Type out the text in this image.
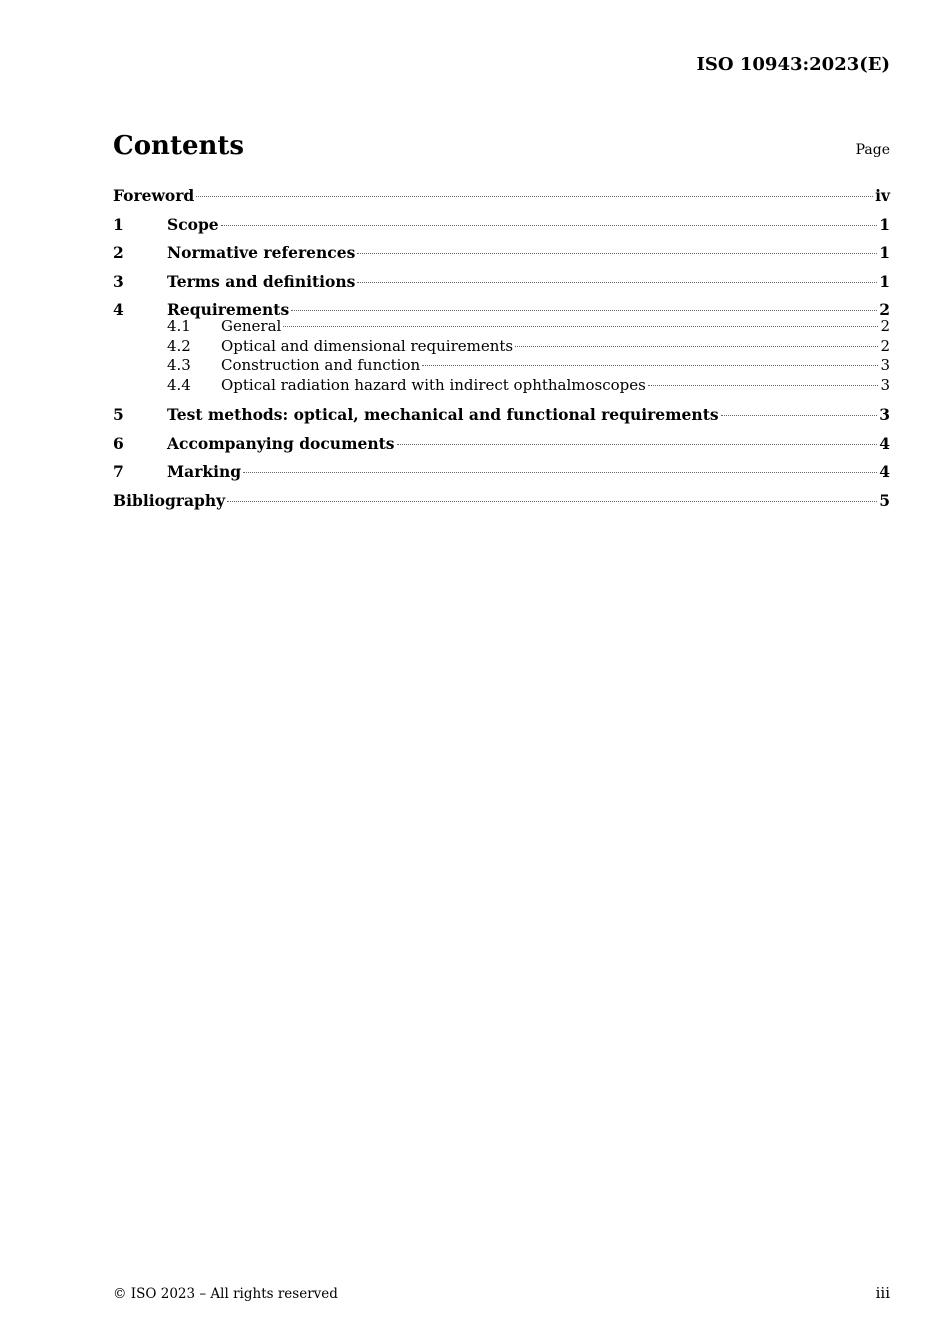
ISO 10943:2023(E)
Contents	Page
Foreword	iv
1	Scope	1
2	Normative references	1
3	Terms and definitions	1
4	Requirements	2
4.1	General	2
4.2	Optical and dimensional requirements	2
4.3	Construction and function	3
4.4	Optical radiation hazard with indirect ophthalmoscopes	3
5	Test methods: optical, mechanical and functional requirements	3
6	Accompanying documents	4
7	Marking	4
Bibliography	5
© ISO 2023 – All rights reserved	iii
